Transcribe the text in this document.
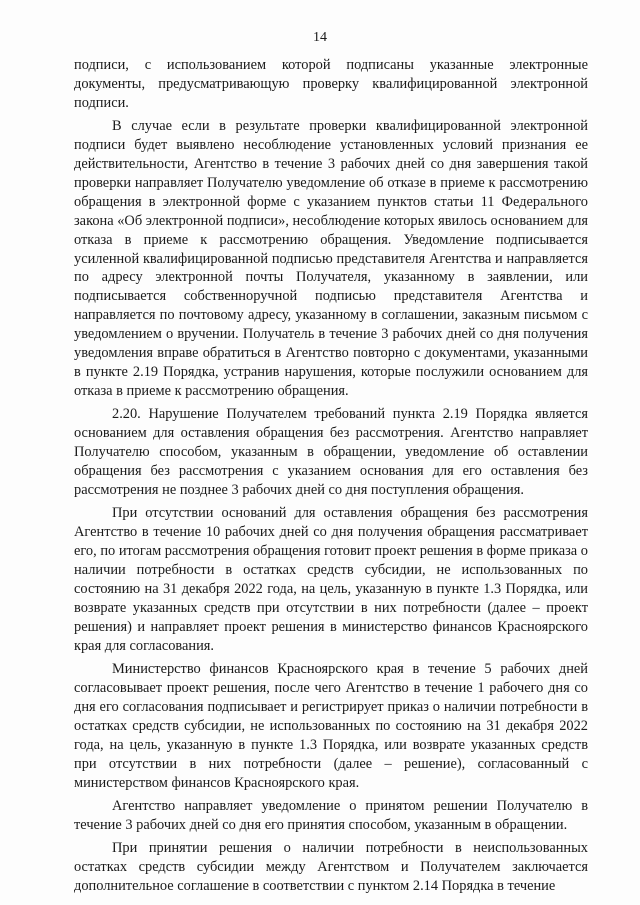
14

подписи, с использованием которой подписаны указанные электронные документы, предусматривающую проверку квалифицированной электронной подписи.

В случае если в результате проверки квалифицированной электронной подписи будет выявлено несоблюдение установленных условий признания ее действительности, Агентство в течение 3 рабочих дней со дня завершения такой проверки направляет Получателю уведомление об отказе в приеме к рассмотрению обращения в электронной форме с указанием пунктов статьи 11 Федерального закона «Об электронной подписи», несоблюдение которых явилось основанием для отказа в приеме к рассмотрению обращения. Уведомление подписывается усиленной квалифицированной подписью представителя Агентства и направляется по адресу электронной почты Получателя, указанному в заявлении, или подписывается собственноручной подписью представителя Агентства и направляется по почтовому адресу, указанному в соглашении, заказным письмом с уведомлением о вручении. Получатель в течение 3 рабочих дней со дня получения уведомления вправе обратиться в Агентство повторно с документами, указанными в пункте 2.19 Порядка, устранив нарушения, которые послужили основанием для отказа в приеме к рассмотрению обращения.

2.20. Нарушение Получателем требований пункта 2.19 Порядка является основанием для оставления обращения без рассмотрения. Агентство направляет Получателю способом, указанным в обращении, уведомление об оставлении обращения без рассмотрения с указанием основания для его оставления без рассмотрения не позднее 3 рабочих дней со дня поступления обращения.

При отсутствии оснований для оставления обращения без рассмотрения Агентство в течение 10 рабочих дней со дня получения обращения рассматривает его, по итогам рассмотрения обращения готовит проект решения в форме приказа о наличии потребности в остатках средств субсидии, не использованных по состоянию на 31 декабря 2022 года, на цель, указанную в пункте 1.3 Порядка, или возврате указанных средств при отсутствии в них потребности (далее – проект решения) и направляет проект решения в министерство финансов Красноярского края для согласования.

Министерство финансов Красноярского края в течение 5 рабочих дней согласовывает проект решения, после чего Агентство в течение 1 рабочего дня со дня его согласования подписывает и регистрирует приказ о наличии потребности в остатках средств субсидии, не использованных по состоянию на 31 декабря 2022 года, на цель, указанную в пункте 1.3 Порядка, или возврате указанных средств при отсутствии в них потребности (далее – решение), согласованный с министерством финансов Красноярского края.

Агентство направляет уведомление о принятом решении Получателю в течение 3 рабочих дней со дня его принятия способом, указанным в обращении.

При принятии решения о наличии потребности в неиспользованных остатках средств субсидии между Агентством и Получателем заключается дополнительное соглашение в соответствии с пунктом 2.14 Порядка в течение
